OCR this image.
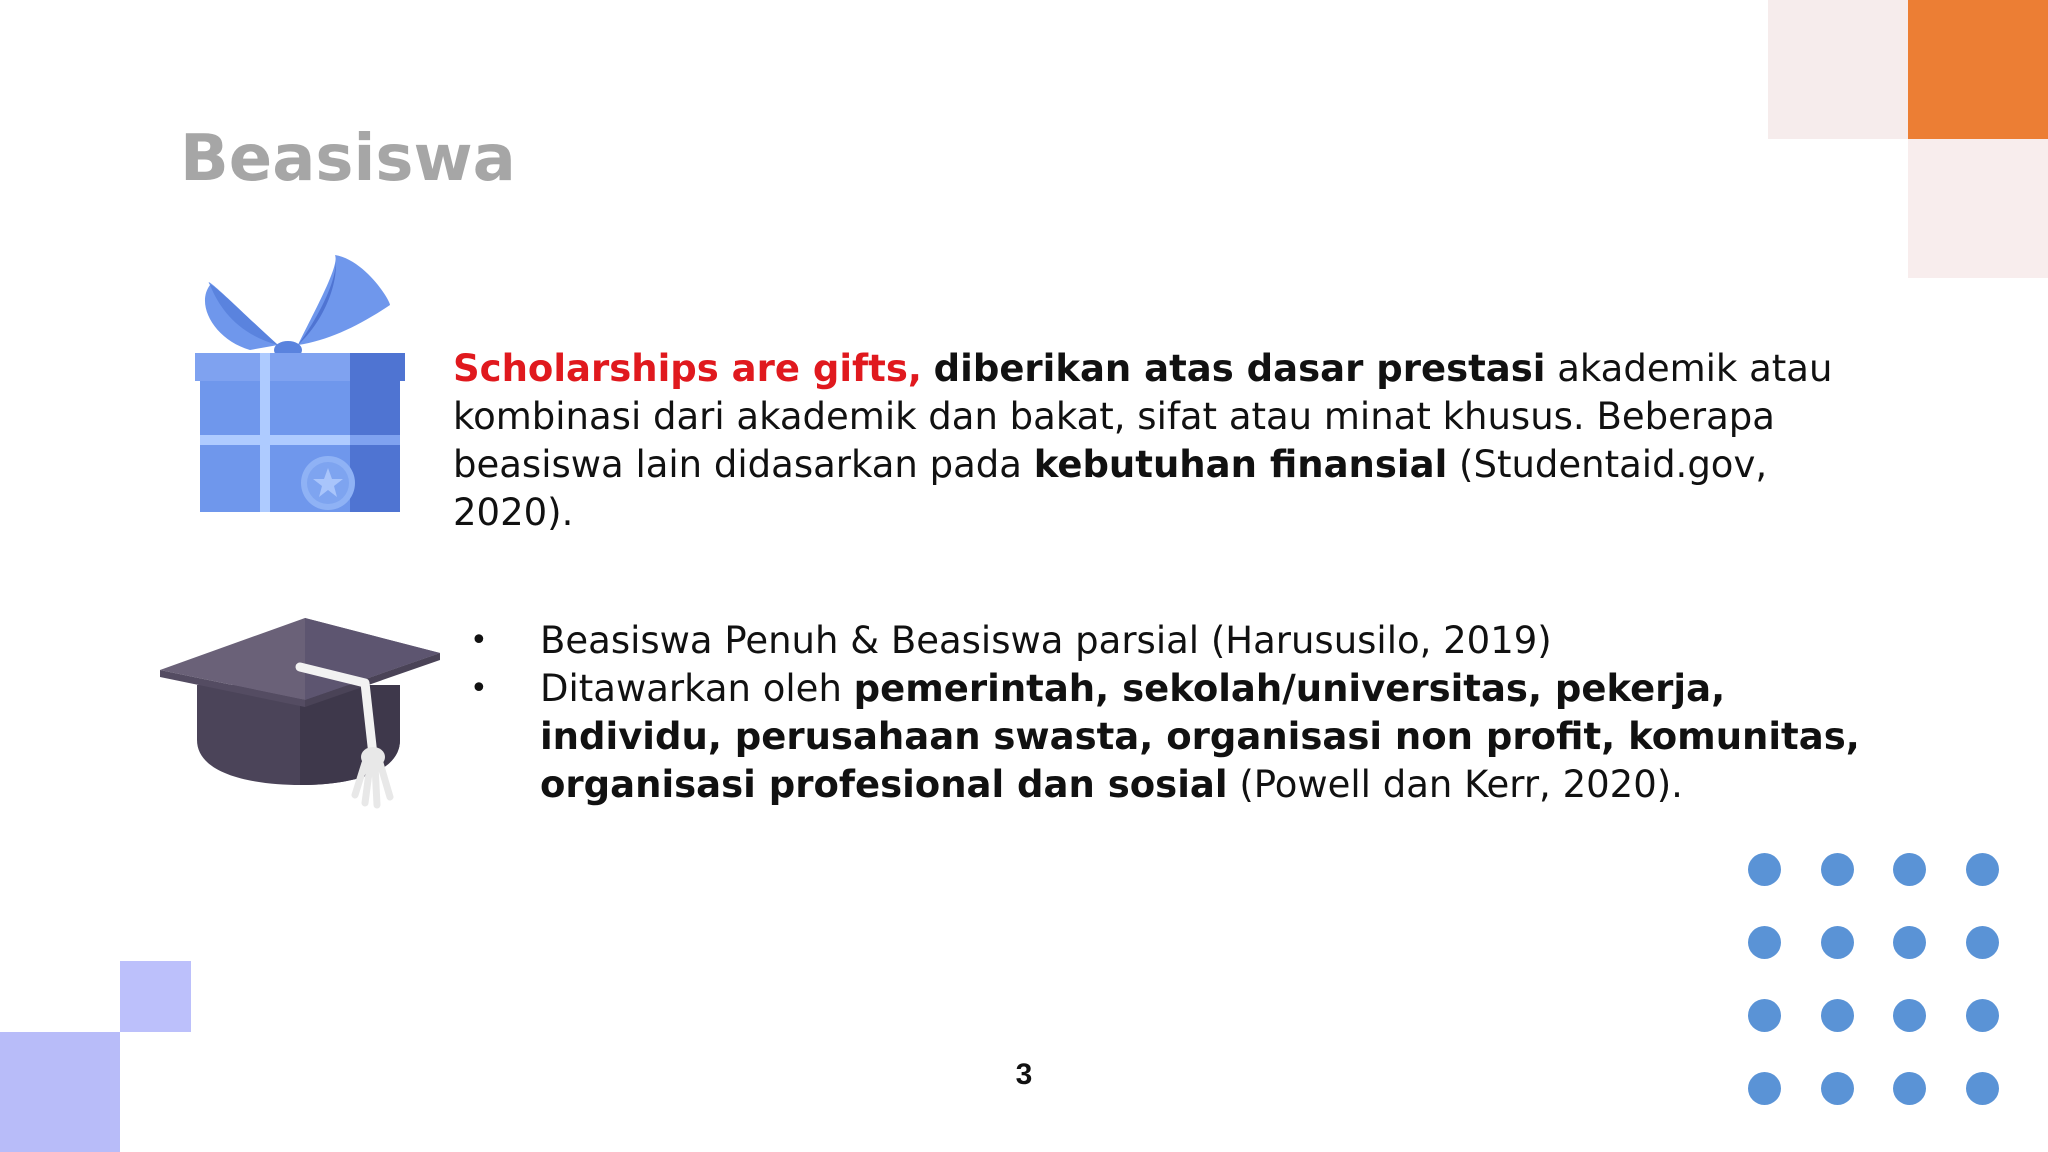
Beasiswa
Scholarships are gifts, diberikan atas dasar prestasi akademik atau kombinasi dari akademik dan bakat, sifat atau minat khusus. Beberapa beasiswa lain didasarkan pada kebutuhan finansial (Studentaid.gov, 2020).
•	Beasiswa Penuh & Beasiswa parsial (Harususilo, 2019)
•	Ditawarkan oleh pemerintah, sekolah/universitas, pekerja, individu, perusahaan swasta, organisasi non profit, komunitas, organisasi profesional dan sosial (Powell dan Kerr, 2020).
3
